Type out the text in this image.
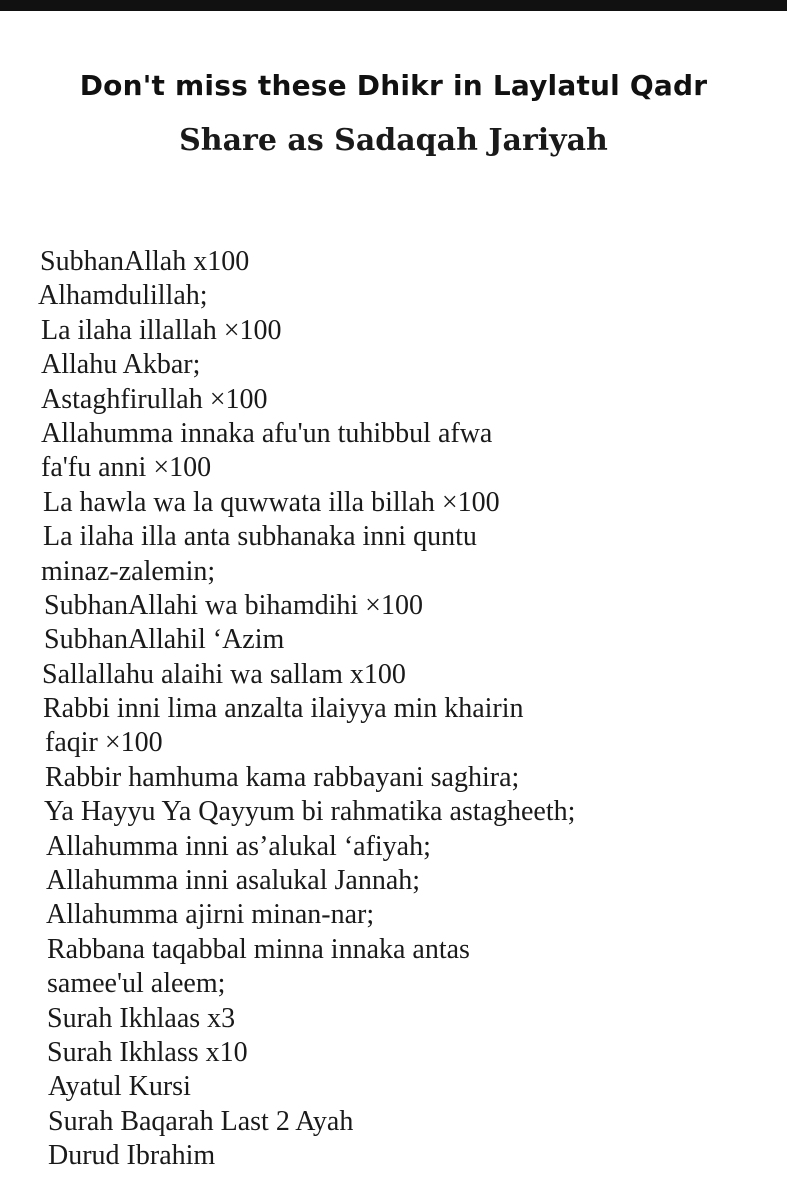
Don't miss these Dhikr in Laylatul Qadr
Share as Sadaqah Jariyah
SubhanAllah x100
Alhamdulillah;
La ilaha illallah ×100
Allahu Akbar;
Astaghfirullah ×100
Allahumma innaka afu'un tuhibbul afwa
fa'fu anni ×100
La hawla wa la quwwata illa billah ×100
La ilaha illa anta subhanaka inni quntu
minaz-zalemin;
SubhanAllahi wa bihamdihi ×100
SubhanAllahil ‘Azim
Sallallahu alaihi wa sallam x100
Rabbi inni lima anzalta ilaiyya min khairin
faqir ×100
Rabbir hamhuma kama rabbayani saghira;
Ya Hayyu Ya Qayyum bi rahmatika astagheeth;
Allahumma inni as’alukal ‘afiyah;
Allahumma inni asalukal Jannah;
Allahumma ajirni minan-nar;
Rabbana taqabbal minna innaka antas
samee'ul aleem;
Surah Ikhlaas x3
Surah Ikhlass x10
Ayatul Kursi
Surah Baqarah Last 2 Ayah
Durud Ibrahim
